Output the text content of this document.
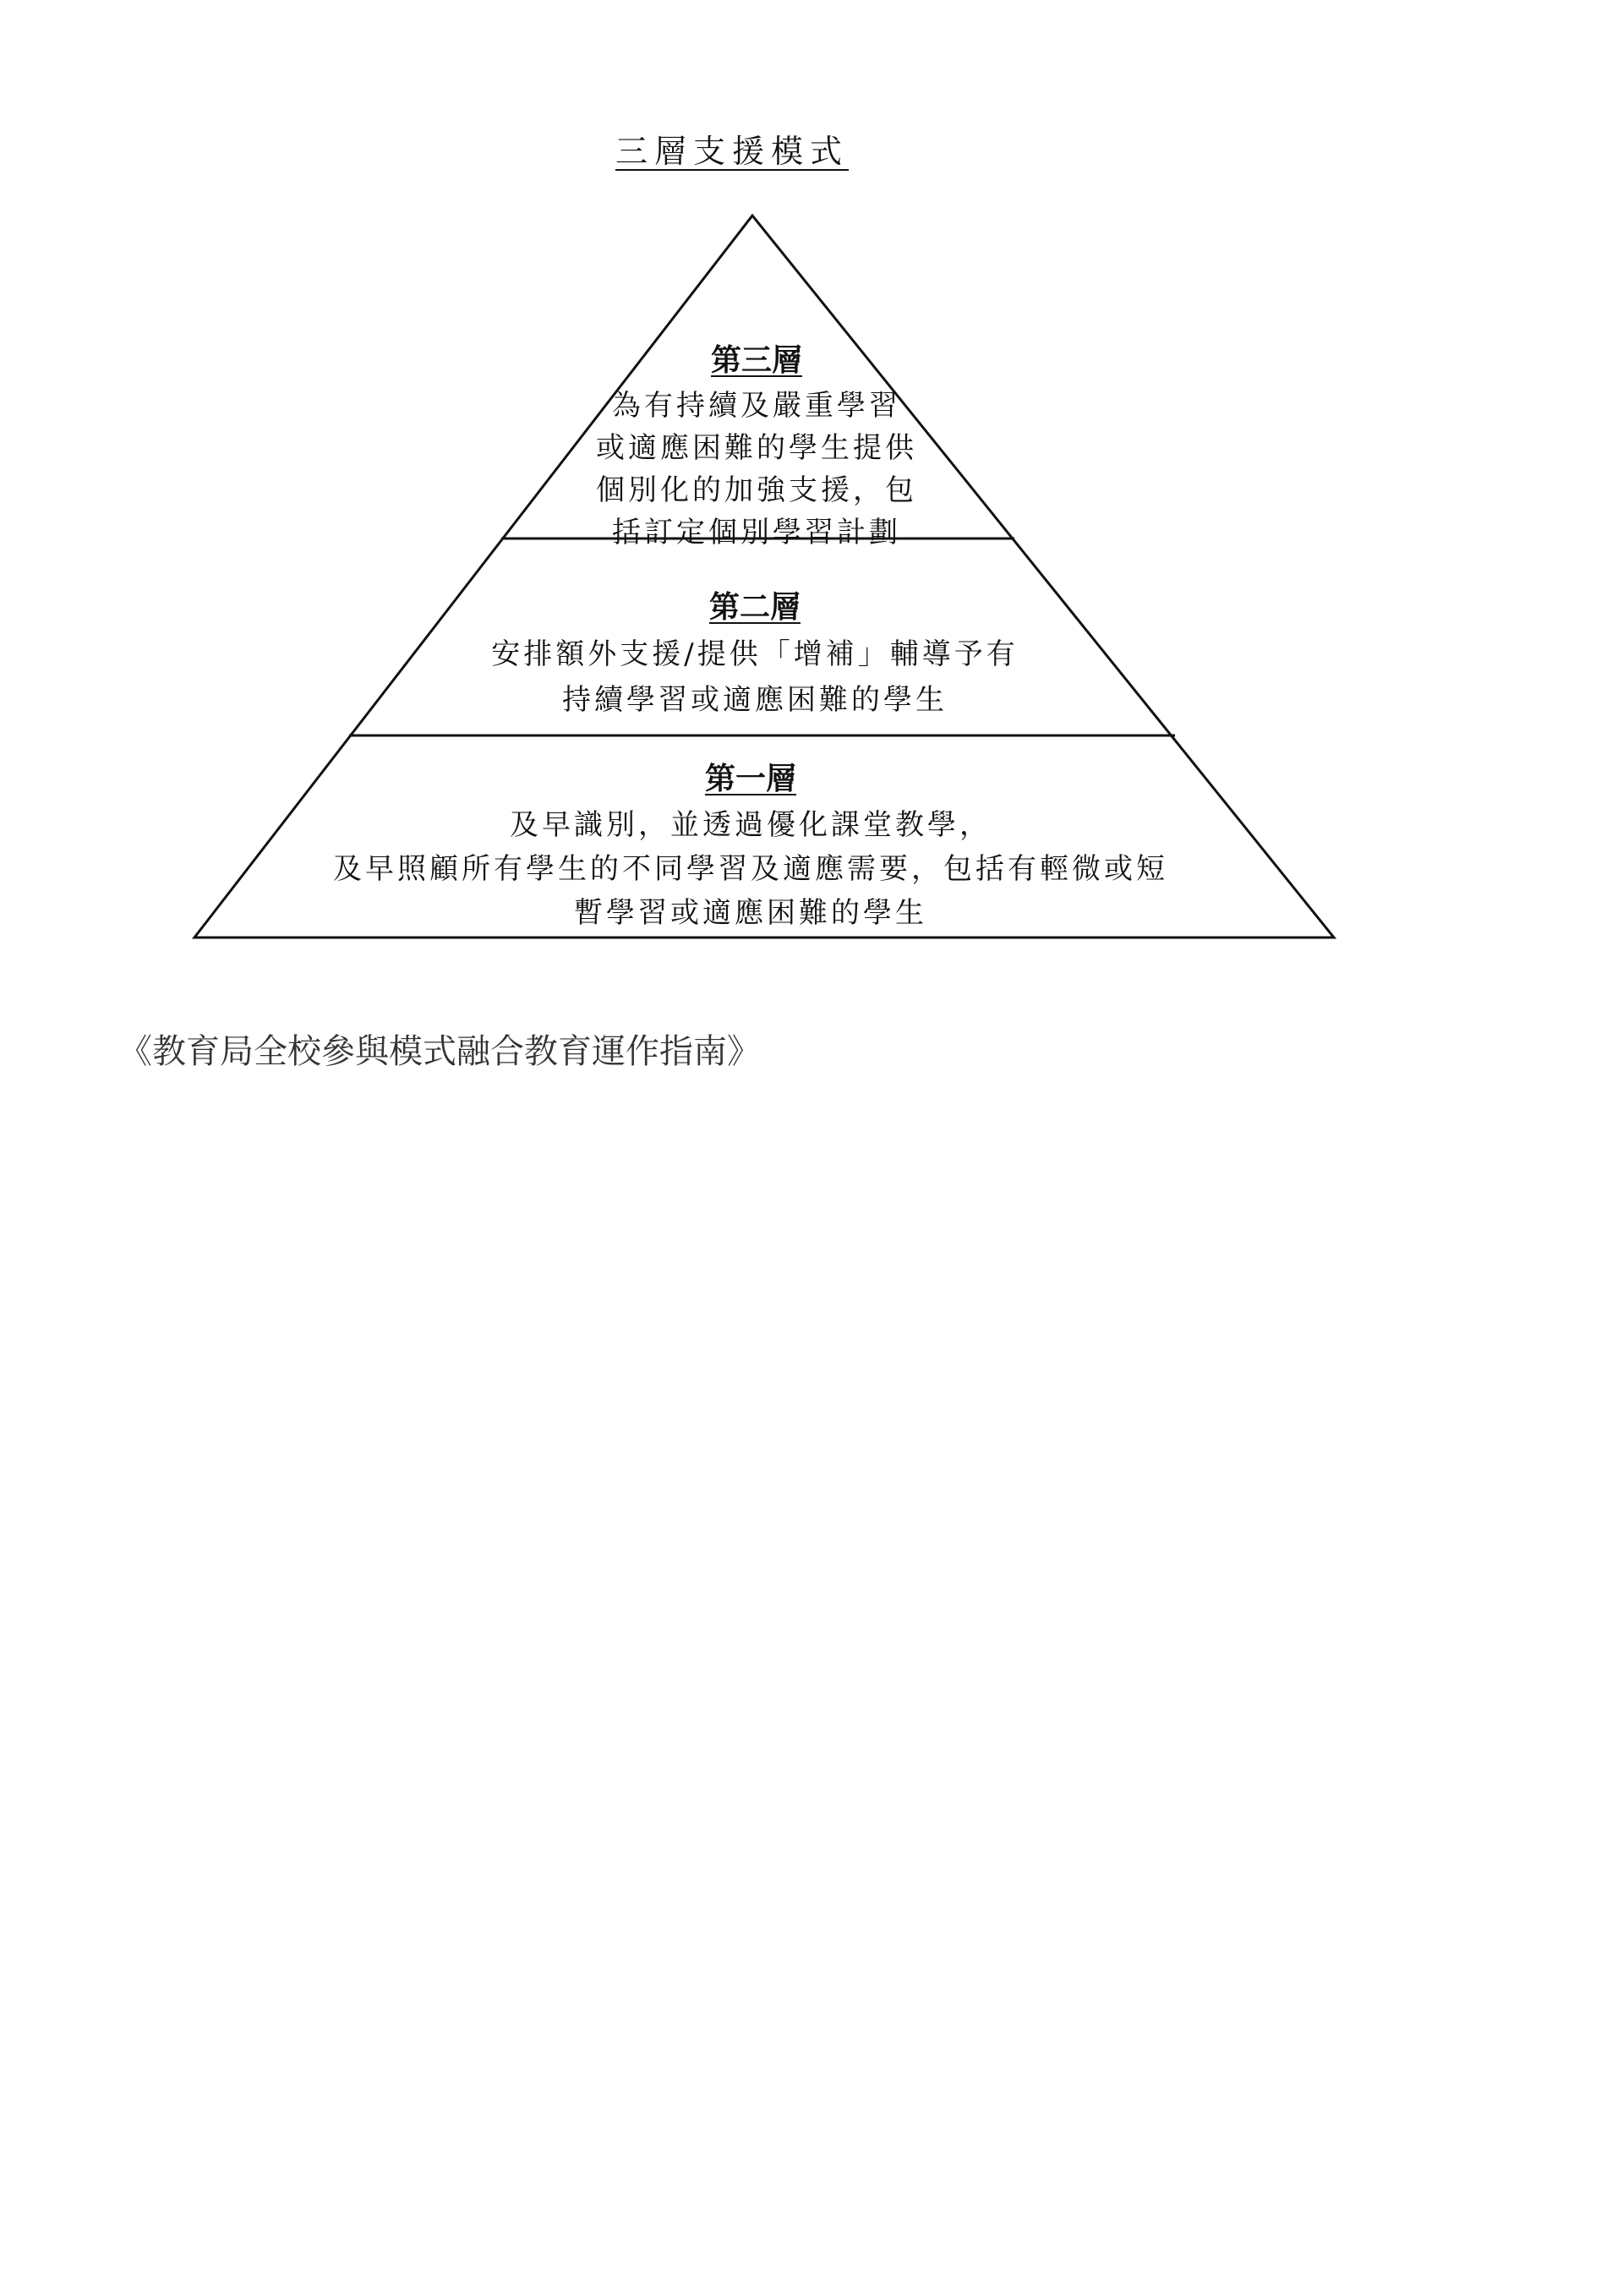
三層支援模式
第三層
為有持續及嚴重學習
或適應困難的學生提供
個別化的加強支援，包
括訂定個別學習計劃
第二層
安排額外支援/提供「增補」輔導予有
持續學習或適應困難的學生
第一層
及早識別，並透過優化課堂教學，
及早照顧所有學生的不同學習及適應需要，包括有輕微或短
暫學習或適應困難的學生
《教育局全校參與模式融合教育運作指南》
